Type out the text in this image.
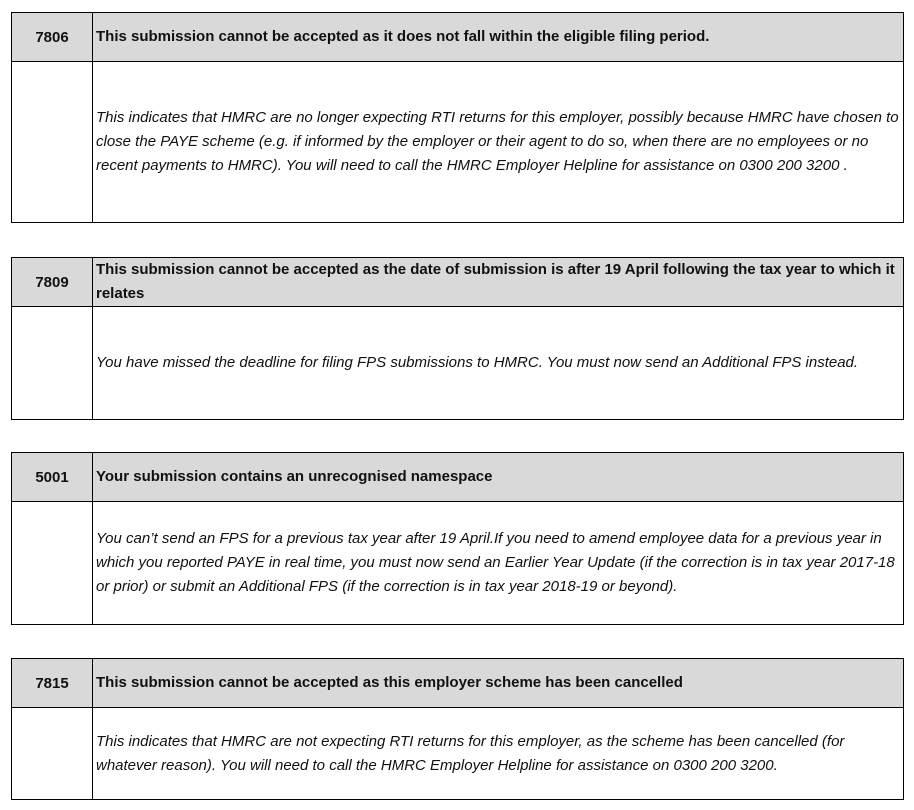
7806	This submission cannot be accepted as it does not fall within the eligible filing period.
	This indicates that HMRC are no longer expecting RTI returns for this employer, possibly because HMRC have chosen to close the PAYE scheme (e.g. if informed by the employer or their agent to do so, when there are no employees or no recent payments to HMRC). You will need to call the HMRC Employer Helpline for assistance on 0300 200 3200 .
7809	This submission cannot be accepted as the date of submission is after 19 April following the tax year to which it relates
	You have missed the deadline for filing FPS submissions to HMRC. You must now send an Additional FPS instead.
5001	Your submission contains an unrecognised namespace
	You can’t send an FPS for a previous tax year after 19 April.If you need to amend employee data for a previous year in which you reported PAYE in real time, you must now send an Earlier Year Update (if the correction is in tax year 2017-18 or prior) or submit an Additional FPS (if the correction is in tax year 2018-19 or beyond).
7815	This submission cannot be accepted as this employer scheme has been cancelled
	This indicates that HMRC are not expecting RTI returns for this employer, as the scheme has been cancelled (for whatever reason). You will need to call the HMRC Employer Helpline for assistance on 0300 200 3200.
